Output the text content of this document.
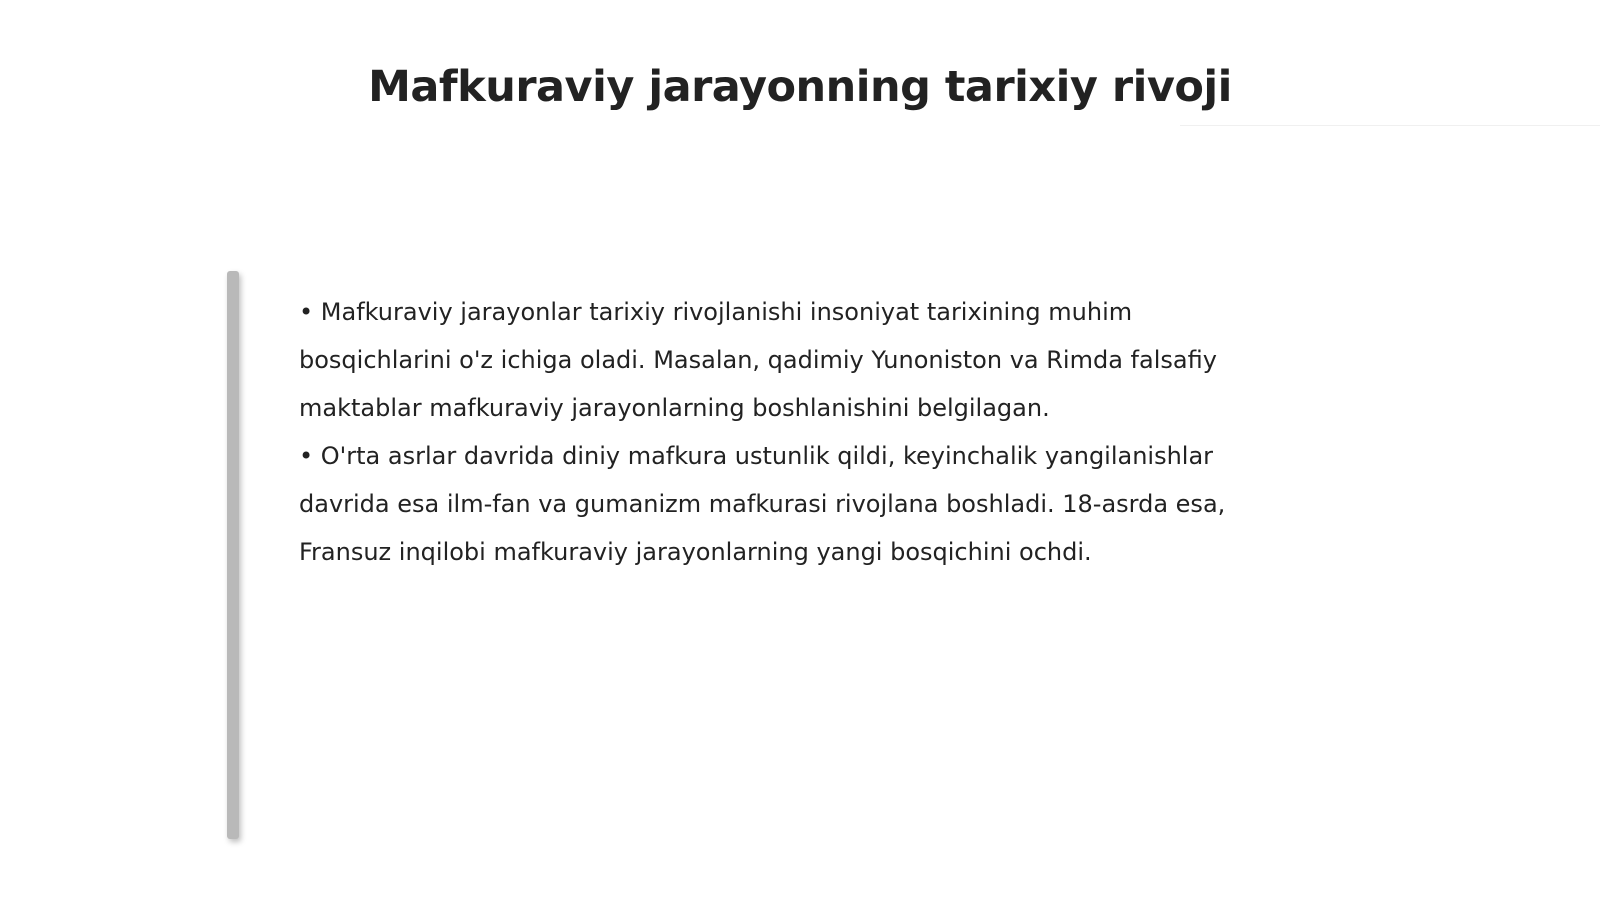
Mafkuraviy jarayonning tarixiy rivoji

• Mafkuraviy jarayonlar tarixiy rivojlanishi insoniyat tarixining muhim bosqichlarini o'z ichiga oladi. Masalan, qadimiy Yunoniston va Rimda falsafiy maktablar mafkuraviy jarayonlarning boshlanishini belgilagan.

• O'rta asrlar davrida diniy mafkura ustunlik qildi, keyinchalik yangilanishlar davrida esa ilm-fan va gumanizm mafkurasi rivojlana boshladi. 18-asrda esa, Fransuz inqilobi mafkuraviy jarayonlarning yangi bosqichini ochdi.
